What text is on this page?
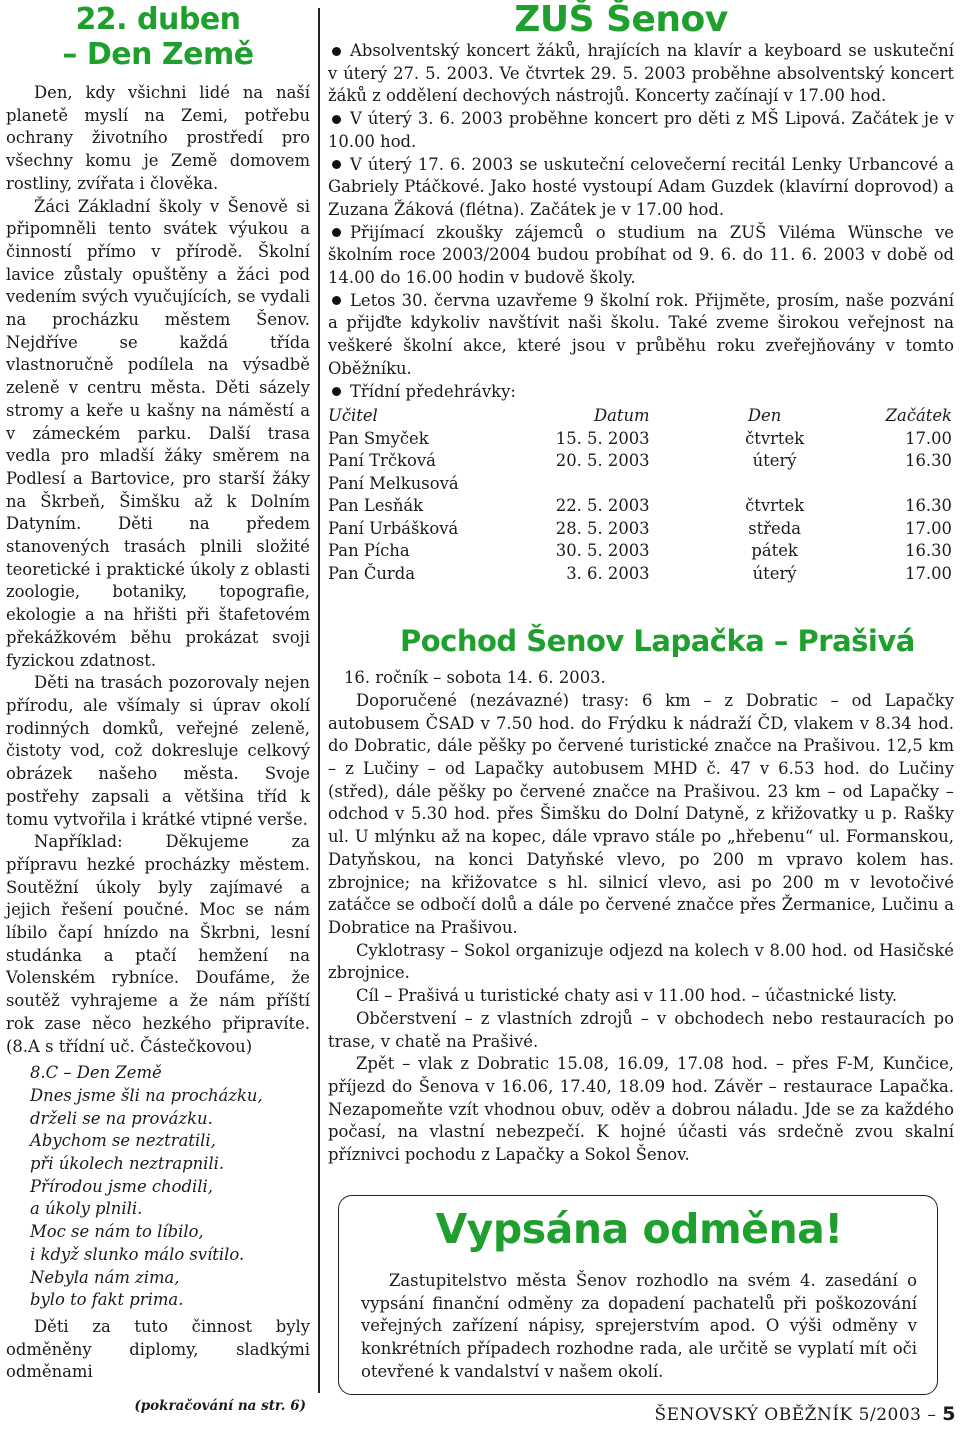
22. duben
– Den Země

Den, kdy všichni lidé na naší planetě myslí na Zemi, potřebu ochrany životního prostředí pro všechny komu je Země domovem rostliny, zvířata i člověka.

Žáci Základní školy v Šenově si připomněli tento svátek výukou a činností přímo v přírodě. Školní lavice zůstaly opuštěny a žáci pod vedením svých vyučujících, se vydali na procházku městem Šenov. Nejdříve se každá třída vlastnoručně podílela na výsadbě zeleně v centru města. Děti sázely stromy a keře u kašny na náměstí a v zámeckém parku. Další trasa vedla pro mladší žáky směrem na Podlesí a Bartovice, pro starší žáky na Škrbeň, Šimšku až k Dolním Datyním. Děti na předem stanovených trasách plnili složité teoretické i praktické úkoly z oblasti zoologie, botaniky, topografie, ekologie a na hřišti při štafetovém překážkovém běhu prokázat svoji fyzickou zdatnost.

Děti na trasách pozorovaly nejen přírodu, ale všímaly si úprav okolí rodinných domků, veřejné zeleně, čistoty vod, což dokresluje celkový obrázek našeho města. Svoje postřehy zapsali a většina tříd k tomu vytvořila i krátké vtipné verše.

Například: Děkujeme za přípravu hezké procházky městem. Soutěžní úkoly byly zajímavé a jejich řešení poučné. Moc se nám líbilo čapí hnízdo na Škrbni, lesní studánka a ptačí hemžení na Volenském rybníce. Doufáme, že soutěž vyhrajeme a že nám příští rok zase něco hezkého připravíte. (8.A s třídní uč. Částečkovou)

8.C – Den Země
Dnes jsme šli na procházku,
drželi se na provázku.
Abychom se neztratili,
při úkolech neztrapnili.
Přírodou jsme chodili,
a úkoly plnili.
Moc se nám to líbilo,
i když slunko málo svítilo.
Nebyla nám zima,
bylo to fakt prima.

Děti za tuto činnost byly odměněny diplomy, sladkými odměnami

(pokračování na str. 6)
ZUŠ Šenov

Absolventský koncert žáků, hrajících na klavír a keyboard se uskuteční v úterý 27. 5. 2003. Ve čtvrtek 29. 5. 2003 proběhne absolventský koncert žáků z oddělení dechových nástrojů. Koncerty začínají v 17.00 hod.

V úterý 3. 6. 2003 proběhne koncert pro děti z MŠ Lipová. Začátek je v 10.00 hod.

V úterý 17. 6. 2003 se uskuteční celovečerní recitál Lenky Urbancové a Gabriely Ptáčkové. Jako hosté vystoupí Adam Guzdek (klavírní doprovod) a Zuzana Žáková (flétna). Začátek je v 17.00 hod.

Přijímací zkoušky zájemců o studium na ZUŠ Viléma Wünsche ve školním roce 2003/2004 budou probíhat od 9. 6. do 11. 6. 2003 v době od 14.00 do 16.00 hodin v budově školy.

Letos 30. června uzavřeme 9 školní rok. Přijměte, prosím, naše pozvání a přijďte kdykoliv navštívit naši školu. Také zveme širokou veřejnost na veškeré školní akce, které jsou v průběhu roku zveřejňovány v tomto Oběžníku.

Třídní předehrávky:

Učitel	Datum	Den	Začátek
Pan Smyček	15. 5. 2003	čtvrtek	17.00
Paní Trčková	20. 5. 2003	úterý	16.30
Paní Melkusová			
Pan Lesňák	22. 5. 2003	čtvrtek	16.30
Paní Urbášková	28. 5. 2003	středa	17.00
Pan Pícha	30. 5. 2003	pátek	16.30
Pan Čurda	3. 6. 2003	úterý	17.00
Pochod Šenov Lapačka – Prašivá

16. ročník – sobota 14. 6. 2003.

Doporučené (nezávazné) trasy: 6 km – z Dobratic – od Lapačky autobusem ČSAD v 7.50 hod. do Frýdku k nádraží ČD, vlakem v 8.34 hod. do Dobratic, dále pěšky po červené turistické značce na Prašivou. 12,5 km – z Lučiny – od Lapačky autobusem MHD č. 47 v 6.53 hod. do Lučiny (střed), dále pěšky po červené značce na Prašivou. 23 km – od Lapačky – odchod v 5.30 hod. přes Šimšku do Dolní Datyně, z křižovatky u p. Rašky ul. U mlýnku až na kopec, dále vpravo stále po „hřebenu“ ul. Formanskou, Datyňskou, na konci Datyňské vlevo, po 200 m vpravo kolem has. zbrojnice; na křižovatce s hl. silnicí vlevo, asi po 200 m v levotočivé zatáčce se odbočí dolů a dále po červené značce přes Žermanice, Lučinu a Dobratice na Prašivou.

Cyklotrasy – Sokol organizuje odjezd na kolech v 8.00 hod. od Hasičské zbrojnice.

Cíl – Prašivá u turistické chaty asi v 11.00 hod. – účastnické listy.

Občerstvení – z vlastních zdrojů – v obchodech nebo restauracích po trase, v chatě na Prašivé.

Zpět – vlak z Dobratic 15.08, 16.09, 17.08 hod. – přes F-M, Kunčice, příjezd do Šenova v 16.06, 17.40, 18.09 hod. Závěr – restaurace Lapačka. Nezapomeňte vzít vhodnou obuv, oděv a dobrou náladu. Jde se za každého počasí, na vlastní nebezpečí. K hojné účasti vás srdečně zvou skalní příznivci pochodu z Lapačky a Sokol Šenov.

Vypsána odměna!

Zastupitelstvo města Šenov rozhodlo na svém 4. zasedání o vypsání finanční odměny za dopadení pachatelů při poškozování veřejných zařízení nápisy, sprejerstvím apod. O výši odměny v konkrétních případech rozhodne rada, ale určitě se vyplatí mít oči otevřené k vandalství v našem okolí.

ŠENOVSKÝ OBĚŽNÍK 5/2003 – 5
